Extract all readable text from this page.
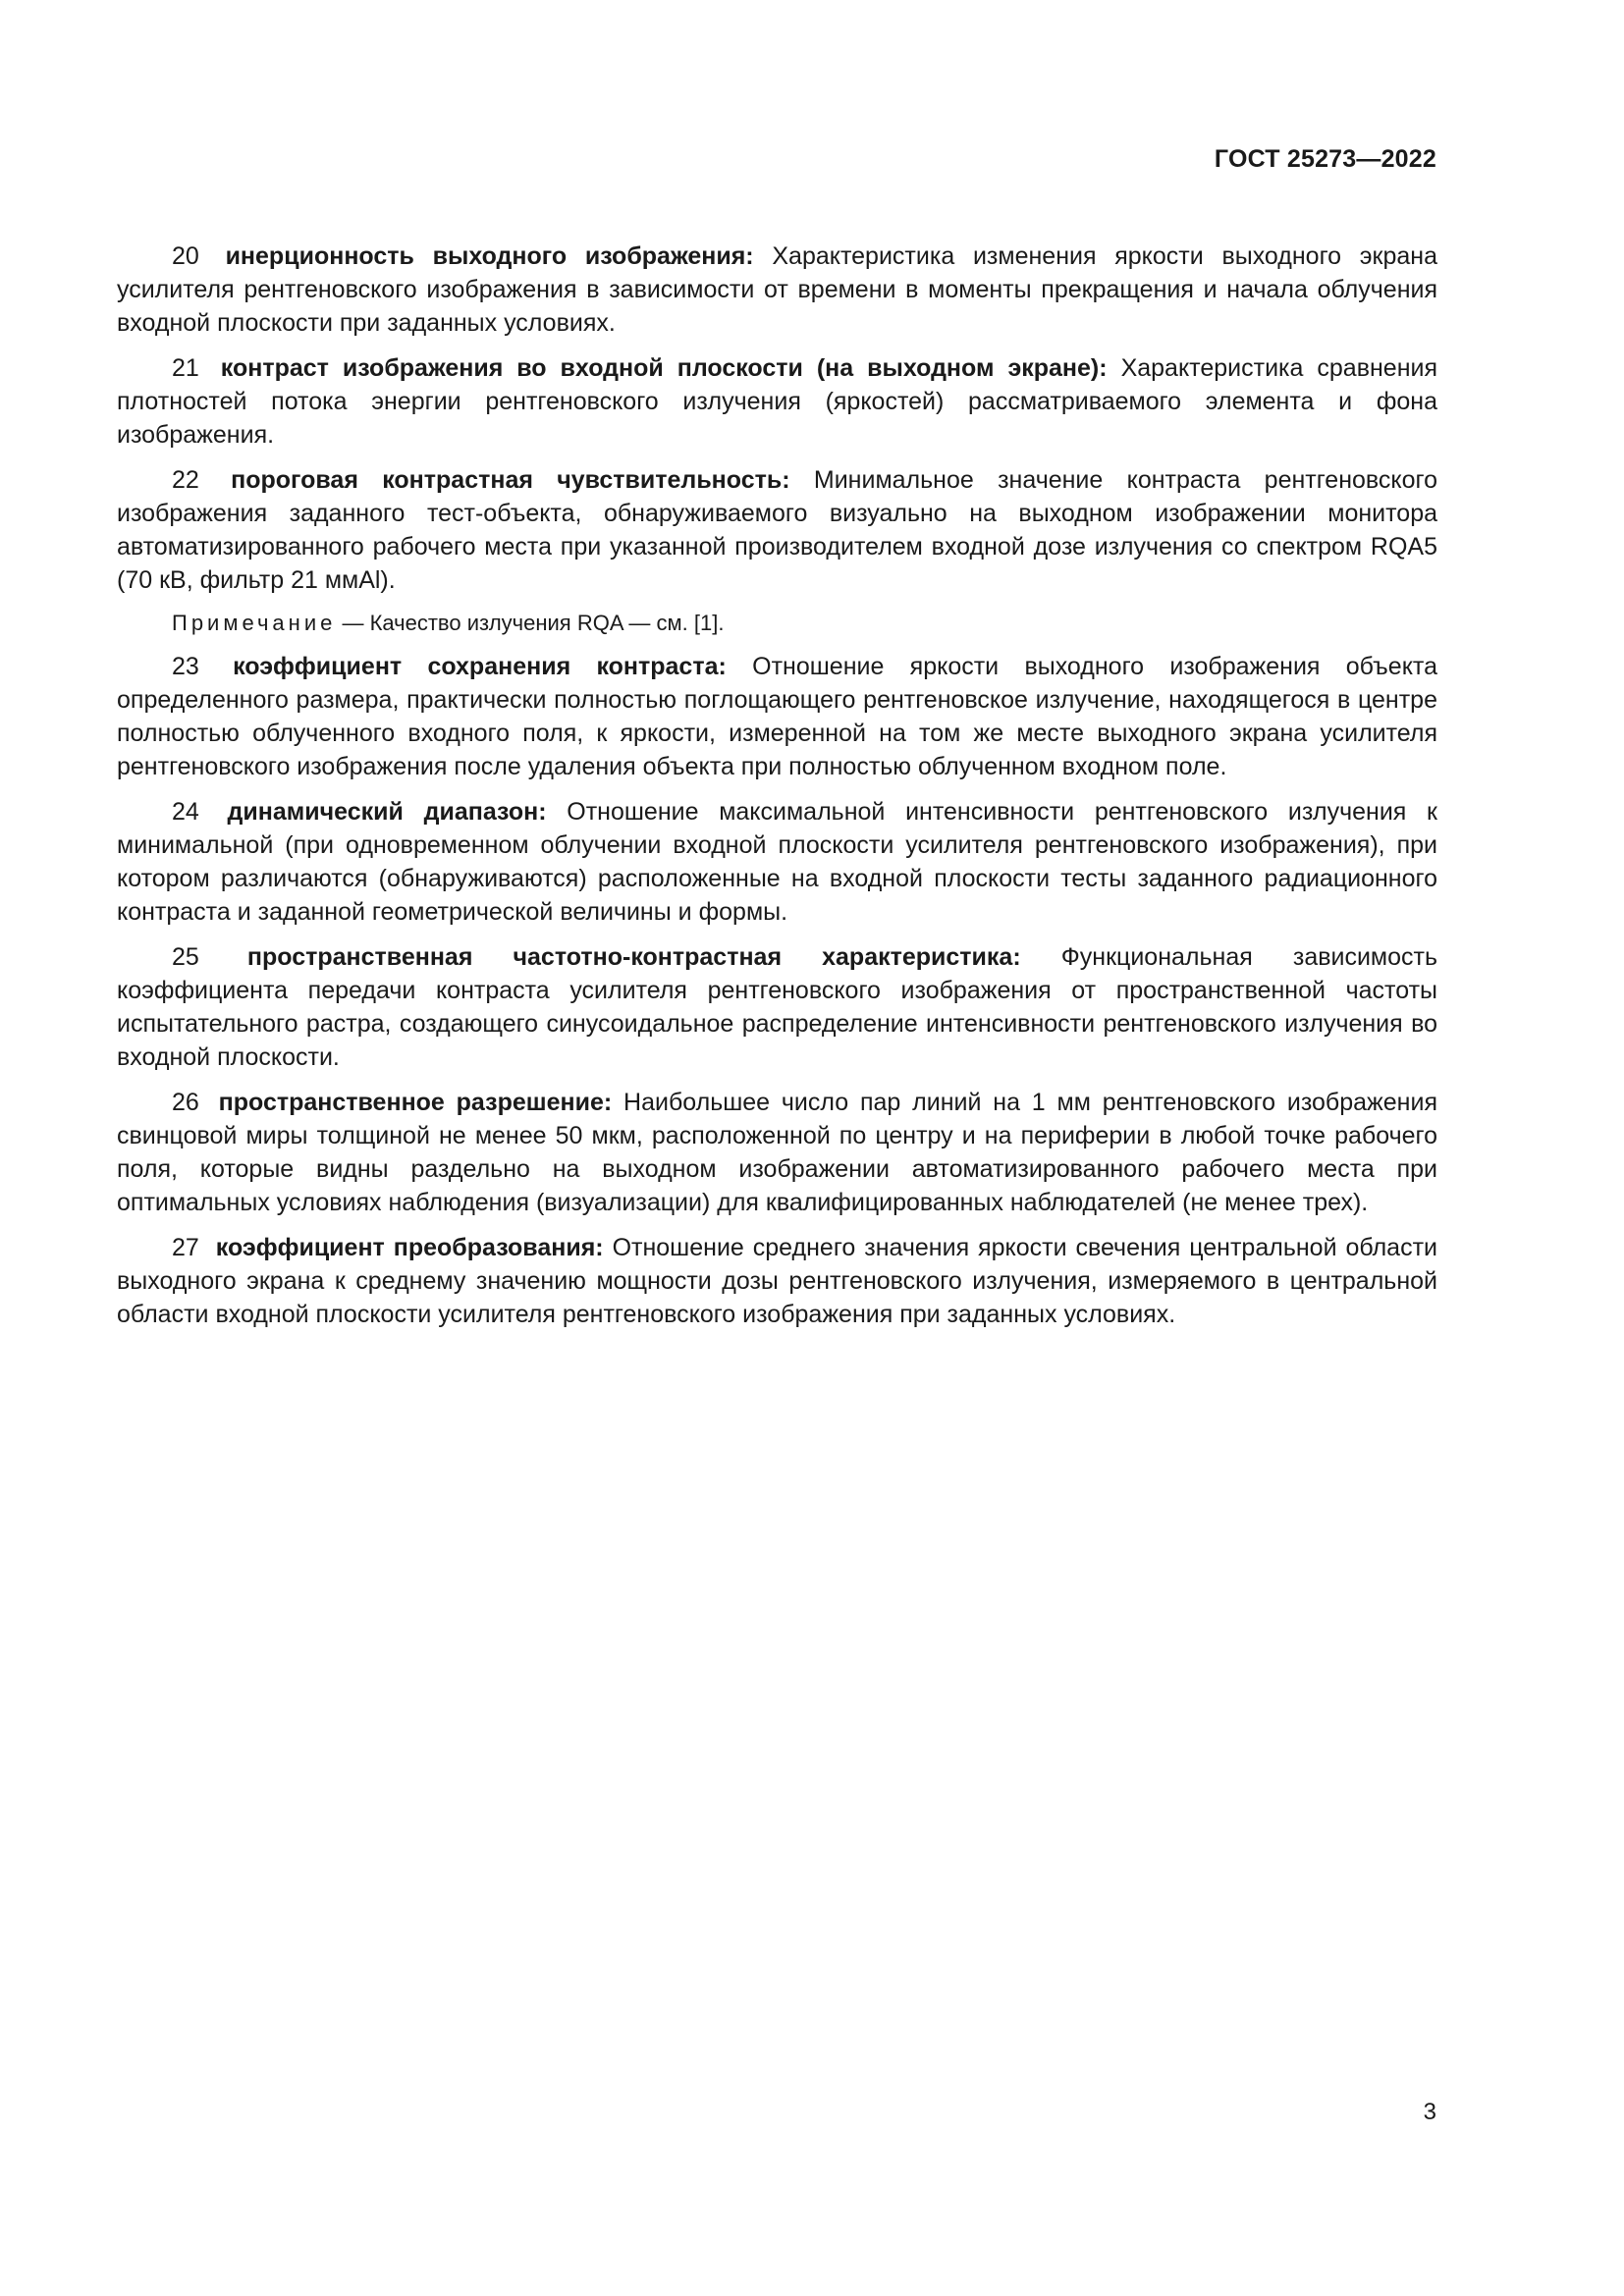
ГОСТ 25273—2022

20 инерционность выходного изображения: Характеристика изменения яркости выходного экрана усилителя рентгеновского изображения в зависимости от времени в моменты прекращения и начала облучения входной плоскости при заданных условиях.

21 контраст изображения во входной плоскости (на выходном экране): Характеристика сравнения плотностей потока энергии рентгеновского излучения (яркостей) рассматриваемого элемента и фона изображения.

22 пороговая контрастная чувствительность: Минимальное значение контраста рентгеновского изображения заданного тест-объекта, обнаруживаемого визуально на выходном изображении монитора автоматизированного рабочего места при указанной производителем входной дозе излучения со спектром RQA5 (70 кВ, фильтр 21 ммAl).

Примечание — Качество излучения RQA — см. [1].

23 коэффициент сохранения контраста: Отношение яркости выходного изображения объекта определенного размера, практически полностью поглощающего рентгеновское излучение, находящегося в центре полностью облученного входного поля, к яркости, измеренной на том же месте выходного экрана усилителя рентгеновского изображения после удаления объекта при полностью облученном входном поле.

24 динамический диапазон: Отношение максимальной интенсивности рентгеновского излучения к минимальной (при одновременном облучении входной плоскости усилителя рентгеновского изображения), при котором различаются (обнаруживаются) расположенные на входной плоскости тесты заданного радиационного контраста и заданной геометрической величины и формы.

25 пространственная частотно-контрастная характеристика: Функциональная зависимость коэффициента передачи контраста усилителя рентгеновского изображения от пространственной частоты испытательного растра, создающего синусоидальное распределение интенсивности рентгеновского излучения во входной плоскости.

26 пространственное разрешение: Наибольшее число пар линий на 1 мм рентгеновского изображения свинцовой миры толщиной не менее 50 мкм, расположенной по центру и на периферии в любой точке рабочего поля, которые видны раздельно на выходном изображении автоматизированного рабочего места при оптимальных условиях наблюдения (визуализации) для квалифицированных наблюдателей (не менее трех).

27 коэффициент преобразования: Отношение среднего значения яркости свечения центральной области выходного экрана к среднему значению мощности дозы рентгеновского излучения, измеряемого в центральной области входной плоскости усилителя рентгеновского изображения при заданных условиях.

3
